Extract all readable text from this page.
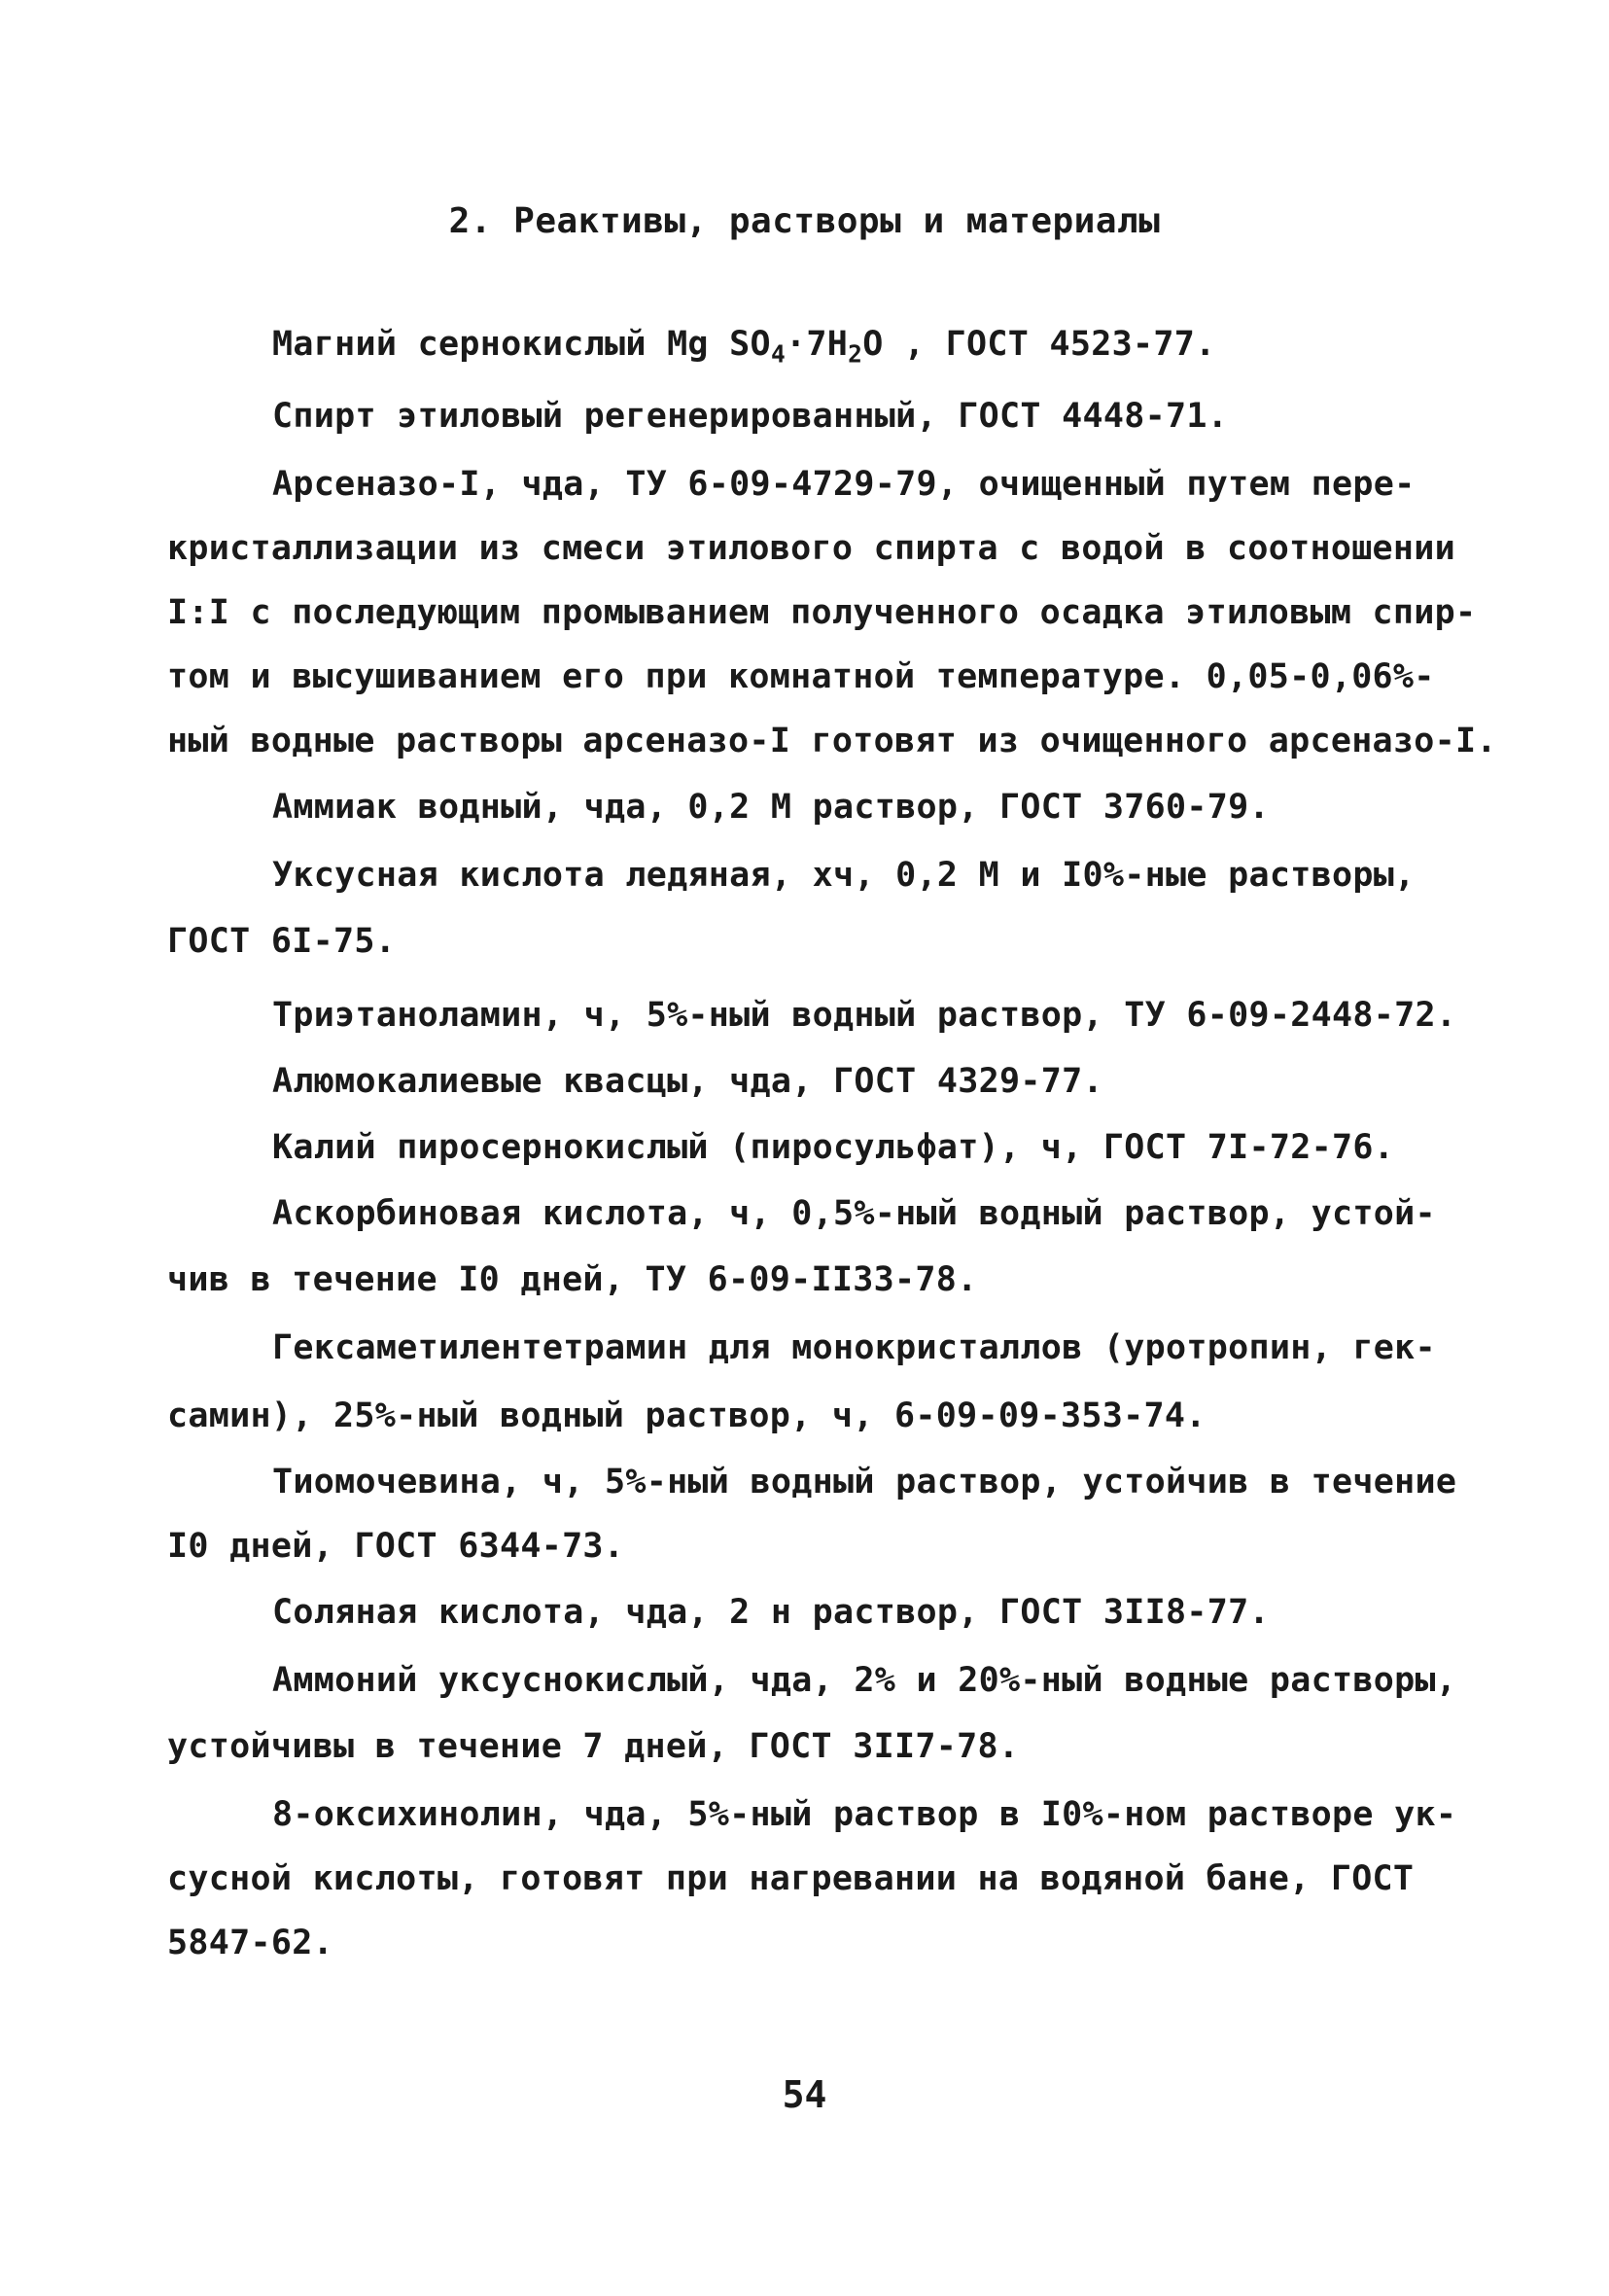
2. Реактивы, растворы и материалы
Магний сернокислый Mg $SO_4\cdot 7H_2O$ , ГОСТ 4523-77.
Спирт этиловый регенерированный, ГОСТ 4448-71.
Арсеназо-I, чда, ТУ 6-09-4729-79, очищенный путем пере-
кристаллизации из смеси этилового спирта с водой в соотношении
I:I с последующим промыванием полученного осадка этиловым спир-
том и высушиванием его при комнатной температуре. 0,05-0,06%-
ный водные растворы арсеназо-I готовят из очищенного арсеназо-I.
Аммиак водный, чда, 0,2 М раствор, ГОСТ 3760-79.
Уксусная кислота ледяная, хч, 0,2 М и I0%-ные растворы,
ГОСТ 6I-75.
Триэтаноламин, ч, 5%-ный водный раствор, ТУ 6-09-2448-72.
Алюмокалиевые квасцы, чда, ГОСТ 4329-77.
Калий пиросернокислый (пиросульфат), ч, ГОСТ 7I-72-76.
Аскорбиновая кислота, ч, 0,5%-ный водный раствор, устой-
чив в течение I0 дней, ТУ 6-09-II33-78.
Гексаметилентетрамин для монокристаллов (уротропин, гек-
самин), 25%-ный водный раствор, ч, 6-09-09-353-74.
Тиомочевина, ч, 5%-ный водный раствор, устойчив в течение
I0 дней, ГОСТ 6344-73.
Соляная кислота, чда, 2 н раствор, ГОСТ 3II8-77.
Аммоний уксуснокислый, чда, 2% и 20%-ный водные растворы,
устойчивы в течение 7 дней, ГОСТ 3II7-78.
8-оксихинолин, чда, 5%-ный раствор в I0%-ном растворе ук-
сусной кислоты, готовят при нагревании на водяной бане, ГОСТ
5847-62.
54
